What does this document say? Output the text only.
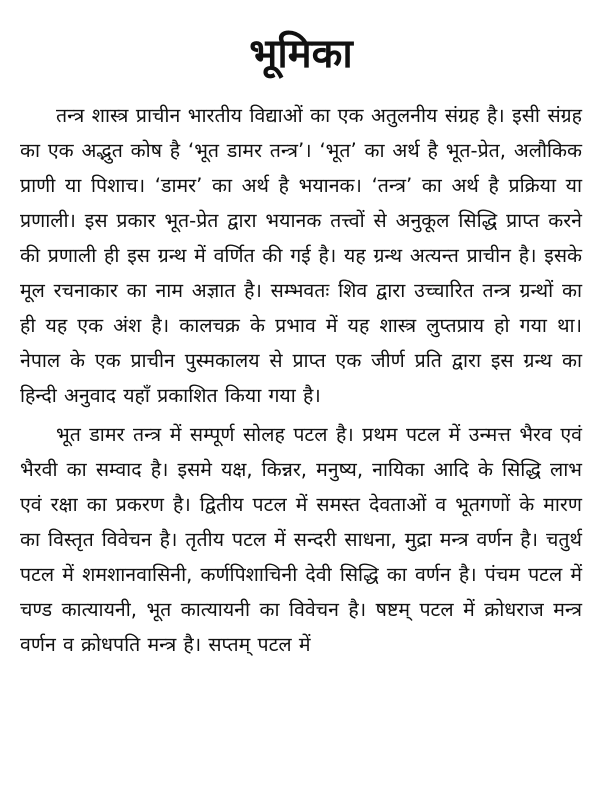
भूमिका

तन्त्र शास्त्र प्राचीन भारतीय विद्याओं का एक अतुलनीय संग्रह है। इसी संग्रह का एक अद्भुत कोष है ‘भूत डामर तन्त्र’। ‘भूत’ का अर्थ है भूत-प्रेत, अलौकिक प्राणी या पिशाच। ‘डामर’ का अर्थ है भयानक। ‘तन्त्र’ का अर्थ है प्रक्रिया या प्रणाली। इस प्रकार भूत-प्रेत द्वारा भयानक तत्त्वों से अनुकूल सिद्धि प्राप्त करने की प्रणाली ही इस ग्रन्थ में वर्णित की गई है। यह ग्रन्थ अत्यन्त प्राचीन है। इसके मूल रचनाकार का नाम अज्ञात है। सम्भवतः शिव द्वारा उच्चारित तन्त्र ग्रन्थों का ही यह एक अंश है। कालचक्र के प्रभाव में यह शास्त्र लुप्तप्राय हो गया था। नेपाल के एक प्राचीन पुस्मकालय से प्राप्त एक जीर्ण प्रति द्वारा इस ग्रन्थ का हिन्दी अनुवाद यहाँ प्रकाशित किया गया है।

भूत डामर तन्त्र में सम्पूर्ण सोलह पटल है। प्रथम पटल में उन्मत्त भैरव एवं भैरवी का सम्वाद है। इसमे यक्ष, किन्नर, मनुष्य, नायिका आदि के सिद्धि लाभ एवं रक्षा का प्रकरण है। द्वितीय पटल में समस्त देवताओं व भूतगणों के मारण का विस्तृत विवेचन है। तृतीय पटल में सन्दरी साधना, मुद्रा मन्त्र वर्णन है। चतुर्थ पटल में शमशानवासिनी, कर्णपिशाचिनी देवी सिद्धि का वर्णन है। पंचम पटल में चण्ड कात्यायनी, भूत कात्यायनी का विवेचन है। षष्टम् पटल में क्रोधराज मन्त्र वर्णन व क्रोधपति मन्त्र है। सप्तम् पटल में
